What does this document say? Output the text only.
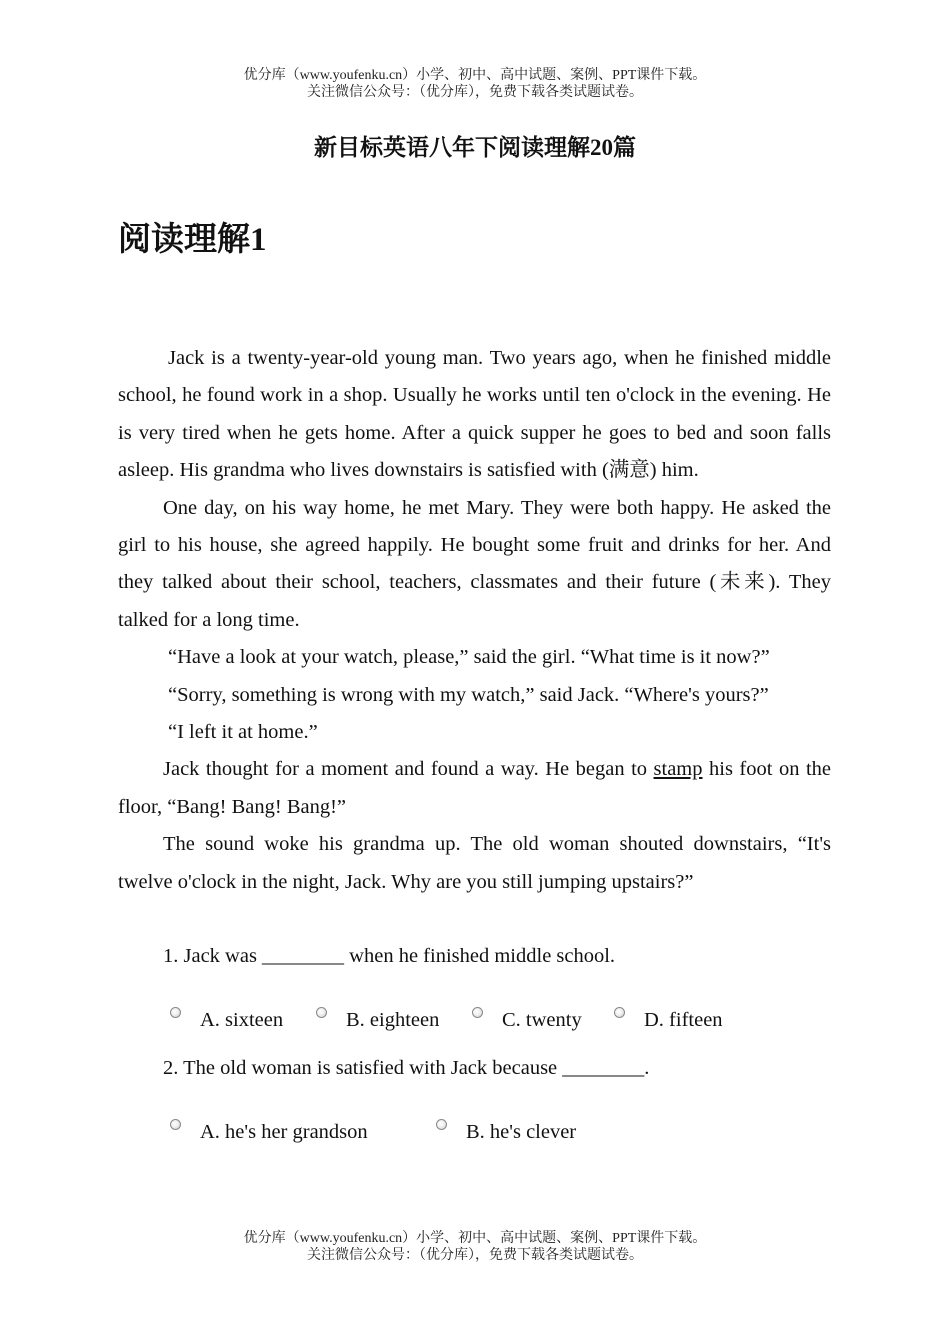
优分库（www.youfenku.cn）小学、初中、高中试题、案例、PPT课件下载。
关注微信公众号：（优分库），免费下载各类试题试卷。
新目标英语八年下阅读理解20篇
阅读理解1

Jack is a twenty-year-old young man. Two years ago, when he finished middle school, he found work in a shop. Usually he works until ten o'clock in the evening. He is very tired when he gets home. After a quick supper he goes to bed and soon falls asleep. His grandma who lives downstairs is satisfied with (满意) him.

One day, on his way home, he met Mary. They were both happy. He asked the girl to his house, she agreed happily. He bought some fruit and drinks for her. And they talked about their school, teachers, classmates and their future (未来). They talked for a long time.

“Have a look at your watch, please,” said the girl. “What time is it now?”

“Sorry, something is wrong with my watch,” said Jack. “Where's yours?”

“I left it at home.”

Jack thought for a moment and found a way. He began to stamp his foot on the floor, “Bang! Bang! Bang!”

The sound woke his grandma up. The old woman shouted downstairs, “It's twelve o'clock in the night, Jack. Why are you still jumping upstairs?”

1. Jack was ________ when he finished middle school.
A. sixteen	B. eighteen	C. twenty	D. fifteen
2. The old woman is satisfied with Jack because ________.
A. he's her grandson	B. he's clever
优分库（www.youfenku.cn）小学、初中、高中试题、案例、PPT课件下载。
关注微信公众号：（优分库），免费下载各类试题试卷。
